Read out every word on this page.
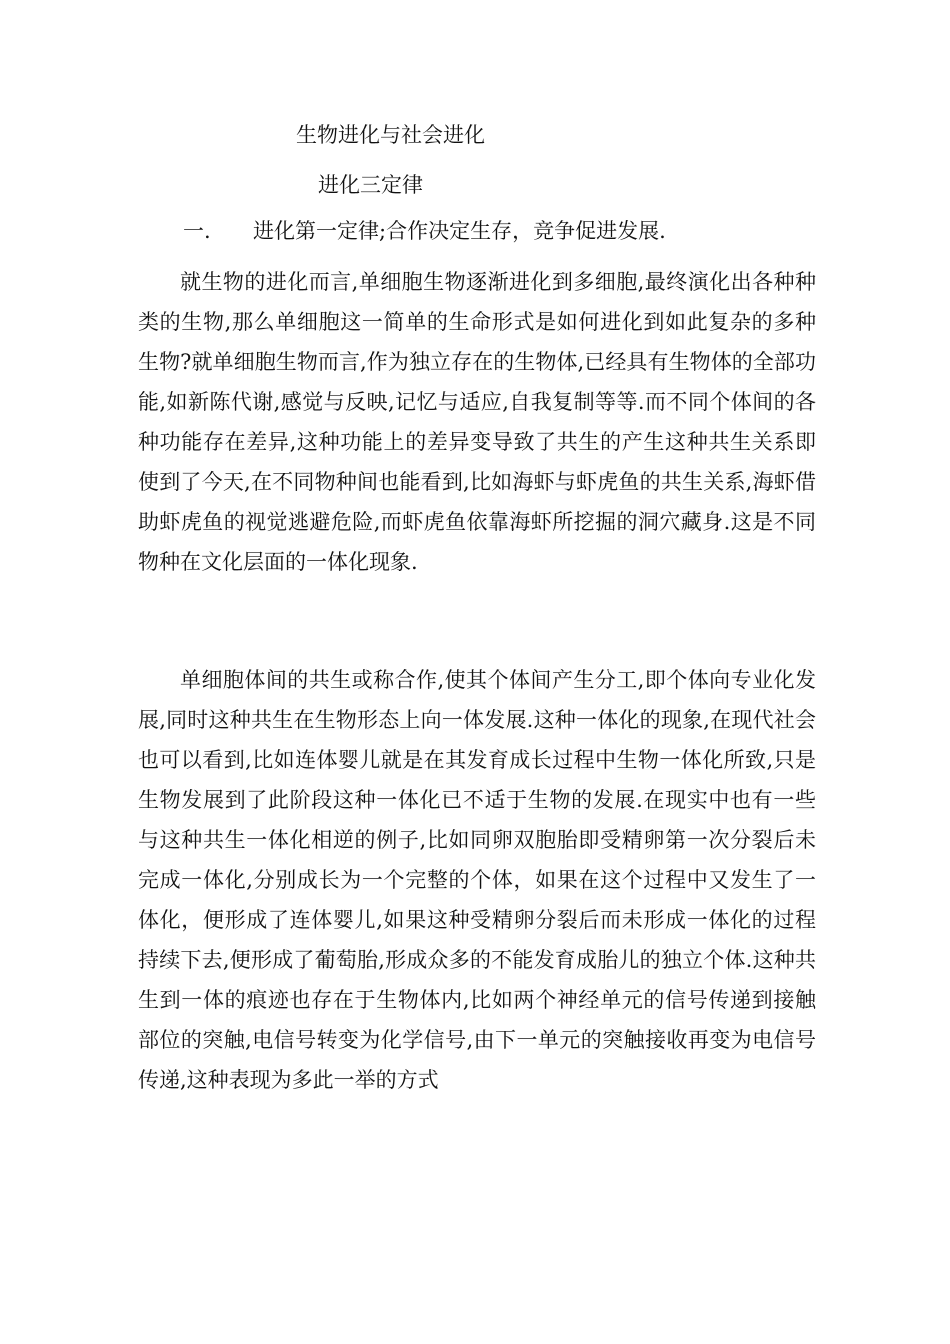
生物进化与社会进化
进化三定律
一. 进化第一定律;合作决定生存，竞争促进发展.

就生物的进化而言,单细胞生物逐渐进化到多细胞,最终演化出各种种类的生物,那么单细胞这一简单的生命形式是如何进化到如此复杂的多种生物?就单细胞生物而言,作为独立存在的生物体,已经具有生物体的全部功能,如新陈代谢,感觉与反映,记忆与适应,自我复制等等.而不同个体间的各种功能存在差异,这种功能上的差异变导致了共生的产生这种共生关系即使到了今天,在不同物种间也能看到,比如海虾与虾虎鱼的共生关系,海虾借助虾虎鱼的视觉逃避危险,而虾虎鱼依靠海虾所挖掘的洞穴藏身.这是不同物种在文化层面的一体化现象.

单细胞体间的共生或称合作,使其个体间产生分工,即个体向专业化发展,同时这种共生在生物形态上向一体发展.这种一体化的现象,在现代社会也可以看到,比如连体婴儿就是在其发育成长过程中生物一体化所致,只是生物发展到了此阶段这种一体化已不适于生物的发展.在现实中也有一些与这种共生一体化相逆的例子,比如同卵双胞胎即受精卵第一次分裂后未完成一体化,分别成长为一个完整的个体，如果在这个过程中又发生了一体化，便形成了连体婴儿,如果这种受精卵分裂后而未形成一体化的过程持续下去,便形成了葡萄胎,形成众多的不能发育成胎儿的独立个体.这种共生到一体的痕迹也存在于生物体内,比如两个神经单元的信号传递到接触部位的突触,电信号转变为化学信号,由下一单元的突触接收再变为电信号传递,这种表现为多此一举的方式
